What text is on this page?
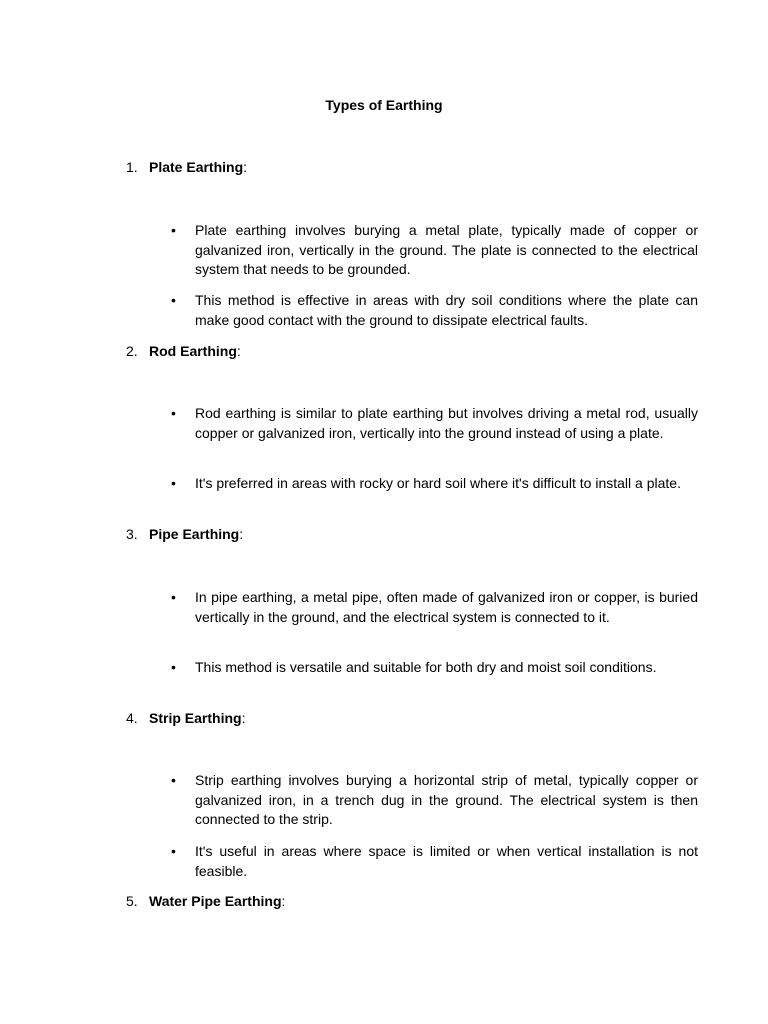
Types of Earthing
1. Plate Earthing:
• Plate earthing involves burying a metal plate, typically made of copper or galvanized iron, vertically in the ground. The plate is connected to the electrical system that needs to be grounded.
• This method is effective in areas with dry soil conditions where the plate can make good contact with the ground to dissipate electrical faults.
2. Rod Earthing:
• Rod earthing is similar to plate earthing but involves driving a metal rod, usually copper or galvanized iron, vertically into the ground instead of using a plate.
• It's preferred in areas with rocky or hard soil where it's difficult to install a plate.
3. Pipe Earthing:
• In pipe earthing, a metal pipe, often made of galvanized iron or copper, is buried vertically in the ground, and the electrical system is connected to it.
• This method is versatile and suitable for both dry and moist soil conditions.
4. Strip Earthing:
• Strip earthing involves burying a horizontal strip of metal, typically copper or galvanized iron, in a trench dug in the ground. The electrical system is then connected to the strip.
• It's useful in areas where space is limited or when vertical installation is not feasible.
5. Water Pipe Earthing:
